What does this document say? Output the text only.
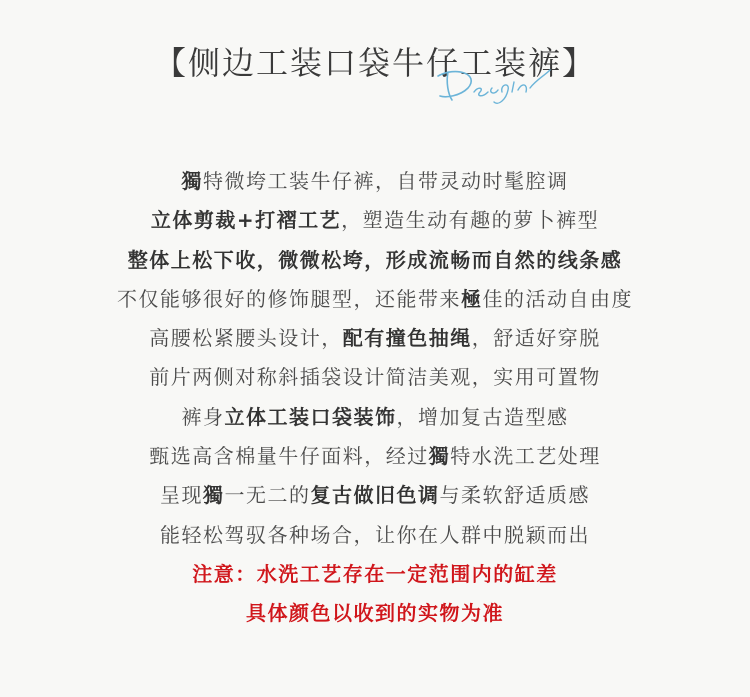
【侧边工装口袋牛仔工装裤】
獨特微垮工装牛仔裤，自带灵动时髦腔调
立体剪裁+打褶工艺，塑造生动有趣的萝卜裤型
整体上松下收，微微松垮，形成流畅而自然的线条感
不仅能够很好的修饰腿型，还能带来極佳的活动自由度
高腰松紧腰头设计，配有撞色抽绳，舒适好穿脱
前片两侧对称斜插袋设计简洁美观，实用可置物
裤身立体工装口袋装饰，增加复古造型感
甄选高含棉量牛仔面料，经过獨特水洗工艺处理
呈现獨一无二的复古做旧色调与柔软舒适质感
能轻松驾驭各种场合，让你在人群中脱颖而出
注意：水洗工艺存在一定范围内的缸差
具体颜色以收到的实物为准
